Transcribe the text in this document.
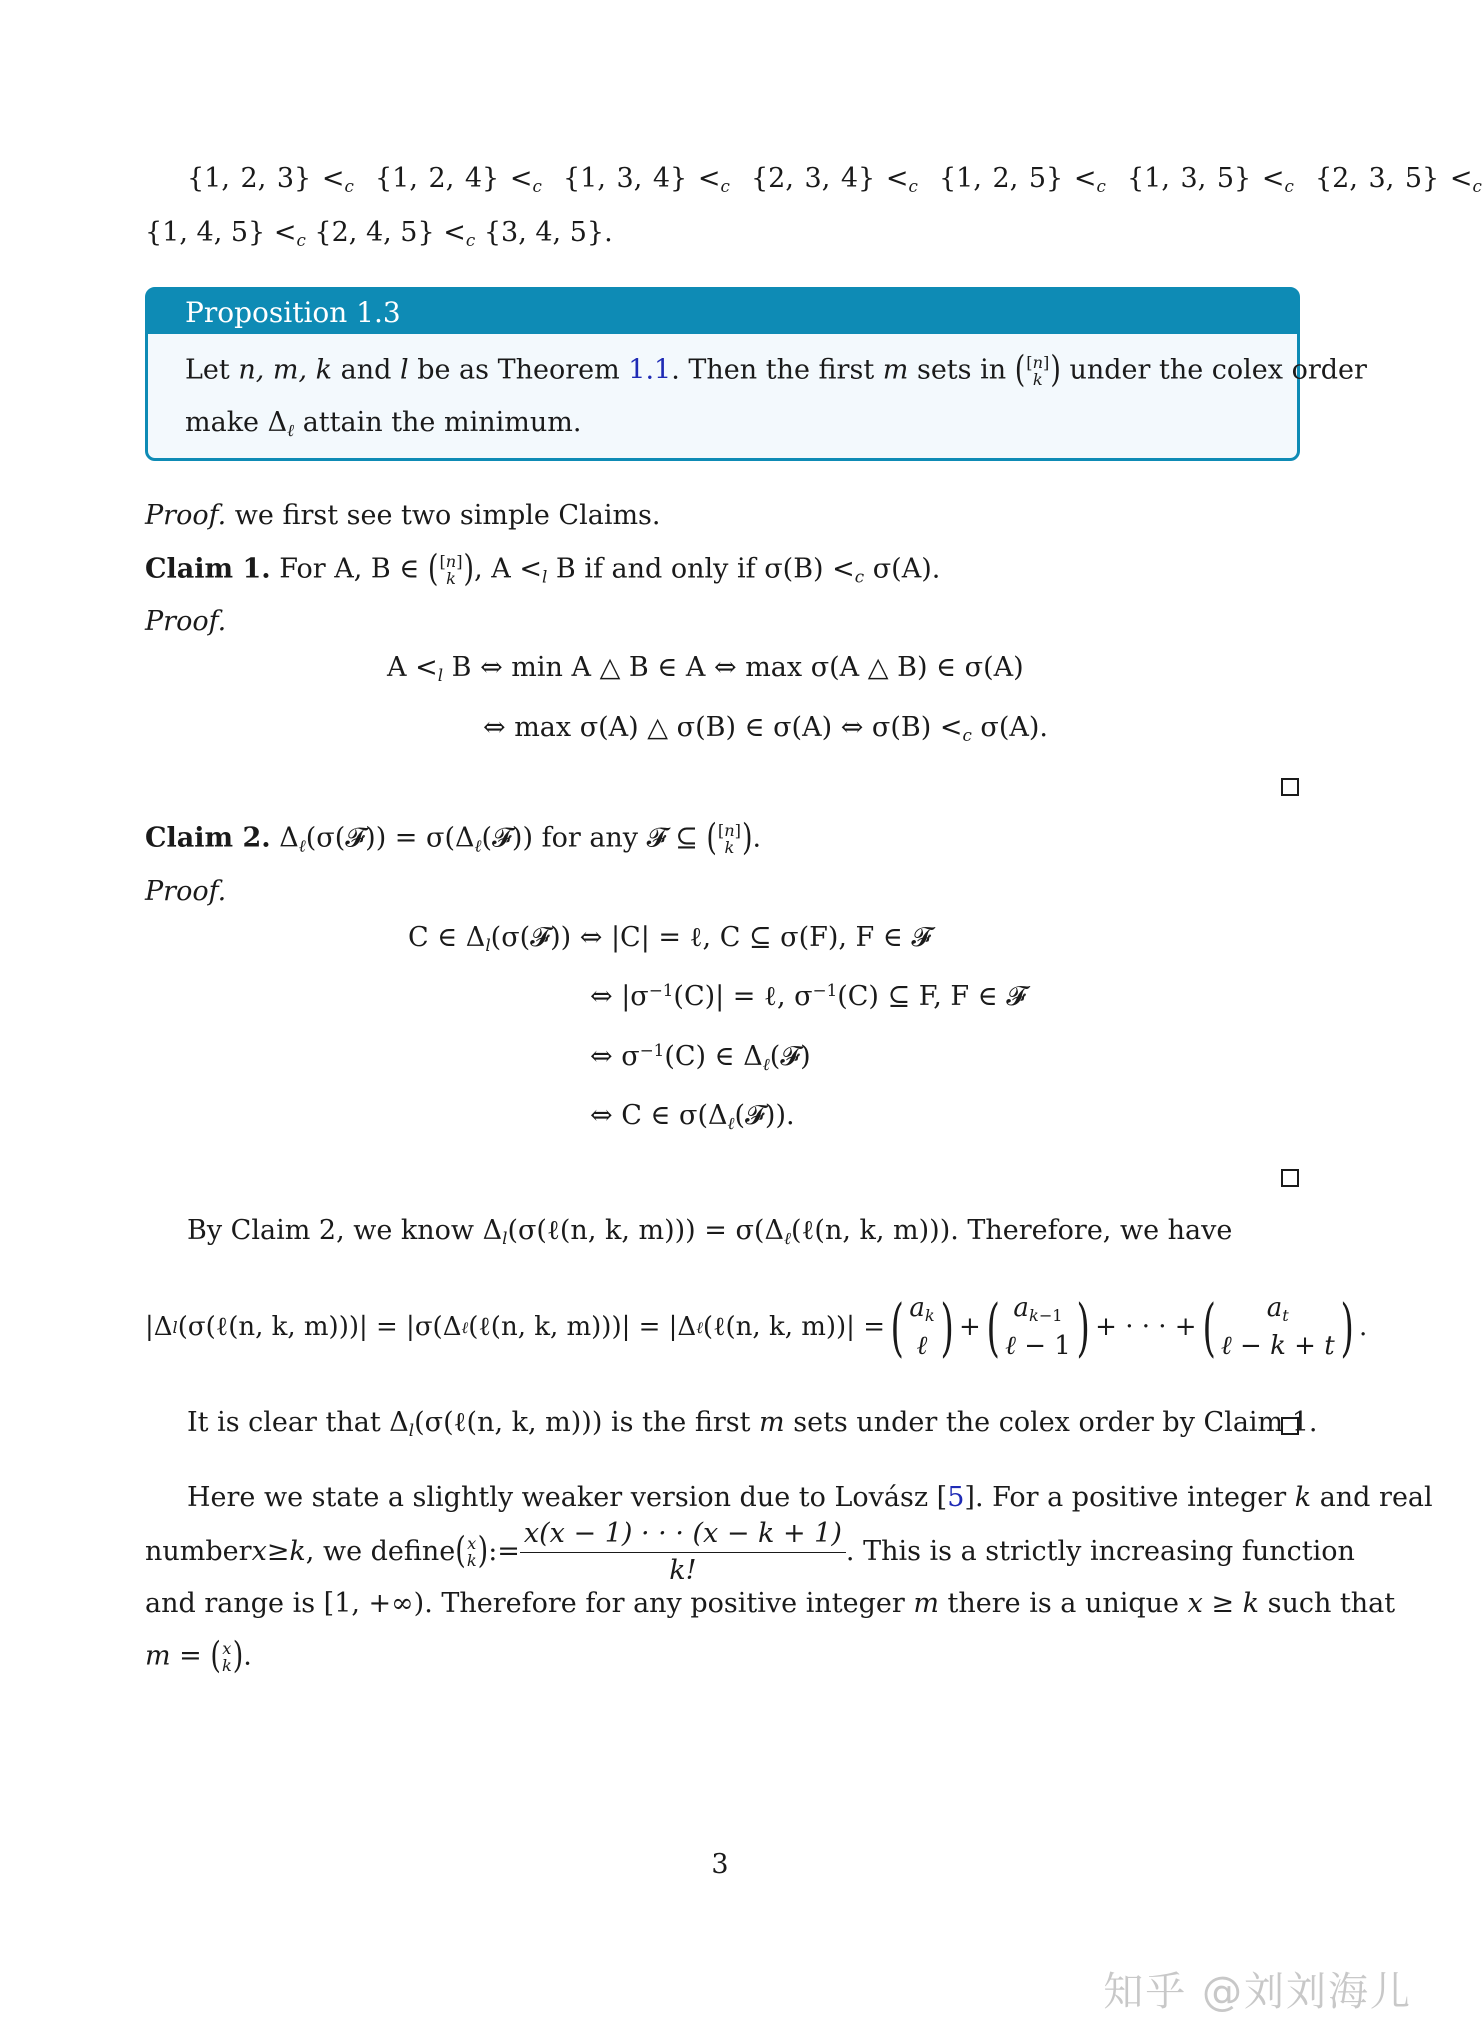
{1, 2, $3\} <_c$ {1, 2, $4\} <_c$ {1, 3, $4\} <_c$ {2, 3, $4\} <_c$ {1, 2, $5\} <_c$ {1, 3, $5\} <_c$ {2, 3, $5\} <_c$
{1, 4, $5\} <_c$ {2, 4, $5\} <_c$ {3, 4, 5}.
Proposition 1.3
Let n, m, k and l be as Theorem 1.1. Then the first m sets in ( [n]
k ) under the colex order
make $\Delta_\ell$ attain the minimum.
Proof. we first see two simple Claims.
Claim 1. For A, B ∈ ( [n]
k ) , $A <_l$ B if and only if $\sigma(B) <_c$ σ(A).
Proof.
$A <_l$ B ⇔ min A △ B ∈ A ⇔ max σ(A △ B) ∈ σ(A)
⇔ max σ(A) △ σ(B) ∈ σ(A) ⇔ $\sigma(B) <_c$ σ(A).
Claim 2. $\Delta_\ell(\sigma(𝓕))$ = $\sigma(\Delta_\ell(𝓕))$ for any 𝓕 ⊆ ( [n]
k ) .
Proof.
C ∈ $\Delta_l(\sigma(𝓕))$ ⇔ |C| = ℓ, C ⊆ σ(F), F ∈ 𝓕
⇔ $|\sigma^{-1}(C)|$ = ℓ, $\sigma^{-1}(C)$ ⊆ F, F ∈ 𝓕
⇔ $\sigma^{-1}(C)$ ∈ $\Delta_\ell(𝓕)$
⇔ C ∈ $\sigma(\Delta_\ell(𝓕))$.
By Claim 2, we know $\Delta_l(\sigma(\ell(n$, k, $m))) = \sigma(\Delta_\ell(\ell(n$, k, m))). Therefore, we have
|Δ l (σ(ℓ(n, k, m)))| = |σ(Δ ℓ (ℓ(n, k, m)))| = |Δ ℓ (ℓ(n, k, m))| = ( $a_k$
ℓ ) + ( $a_{k-1}$
ℓ − 1 ) + · · · + ( $a_t$
ℓ − k + t ) .
It is clear that $\Delta_l(\sigma(\ell(n$, k, m))) is the first m sets under the colex order by Claim 1.
Here we state a slightly weaker version due to Lovász [5]. For a positive integer k and real
number x ≥ k , we define ( x
k ) := $\frac{x(x - 1) \cdot \cdot \cdot (x - k + 1)}{k!}$ . This is a strictly increasing function
and range is [1, +∞). Therefore for any positive integer m there is a unique x ≥ k such that
m = ( x
k ) .
3
知乎 @刘刘海儿
